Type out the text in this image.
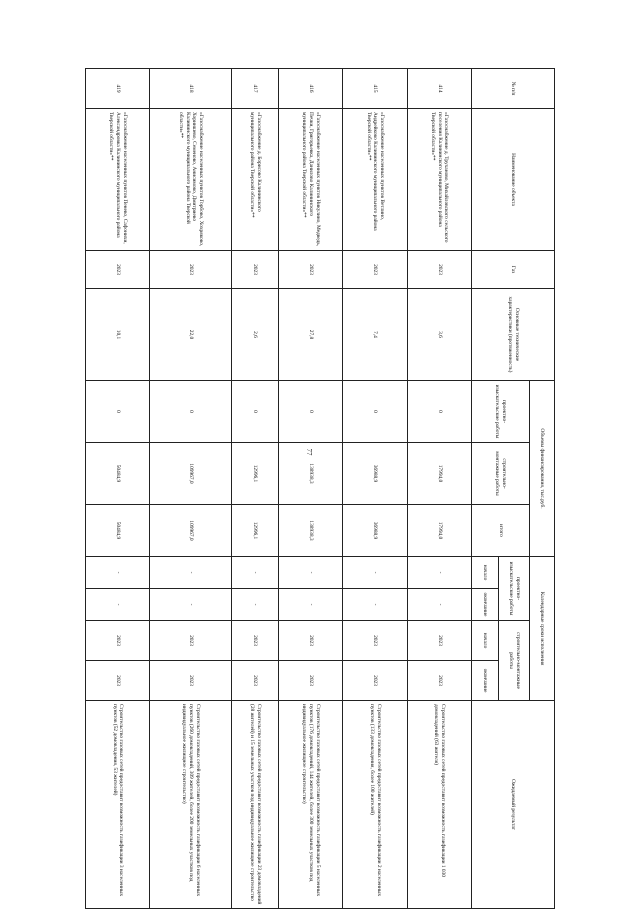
77
№ п/п	Наименование объекта	Газ	Основные технические характеристики (протяженность)	Объемы финансирования, тыс.руб.			Календарные сроки исполнения				Ожидаемый результат
				проектно-изыскательские работы	строительно-монтажные работы	итого	проектно-изыскательские работы		строительно-монтажные работы		
							начало	окончание	начало	окончание	
414	«Газоснабжение д. Труханово, Михайловского сельского поселения Калининского муниципального района Тверской области»**	2023	3,6	0	17994,0	17994,0	-	-	2023	2023	Строительство газовых сетей предоставит возможность газификации 1 030 домовладений (63 жителя)
415	«Газоснабжение населенных пунктов Ветлино, Андрейково Калининского муниципального района Тверской области»**	2023	7,4	0	36988,9	36988,9	-	-	2023	2023	Строительство газовых сетей предоставит возможность газификации 2 населенных пунктов (133 домовладения, более 100 жителей)
416	«Газоснабжение населенных пунктов Никулино, Медведь, Печки, Григорьевка, Данилово Калининского муниципального района Тверской области»**	2023	27,8	0	138938,3	138938,3	-	-	2023	2023	Строительство газовых сетей предоставит возможность газификации 5 населенных пунктов (176 домовладений, 144 жителей, более 300 земельных участков под индивидуальное жилищное строительство)
417	«Газоснабжение д. Борисово Калининского муниципального района Тверской области»**	2023	2,6	0	12996,1	12996,1	-	-	2023	2023	Строительство газовых сетей предоставит возможность газификации 23 домовладений (28 жителей) и 15 земельных участков под индивидуальное жилищное строительство
418	«Газоснабжение населенных пунктов Горбово, Хохряково, Хориншево, Семеново, Анисимово, Дмитриево Калининского муниципального района Тверской области»**	2023	22,0	0	109967,0	109967,0	-	-	2023	2023	Строительство газовых сетей предоставит возможность газификации 6 населенных пунктов (260 домовладений, 309 жителей, более 200 земельных участков под индивидуальное жилищное строительство)
419	«Газоснабжение населенных пунктов Пенево, Сафонихи, Александровка Калининского муниципального района Тверской области»**	2023	10,1	0	50484,9	50484,9	-	-	2023	2023	Строительство газовых сетей предоставит возможность газификации 3 населенных пунктов (52 домовладения, 53 жителей)
